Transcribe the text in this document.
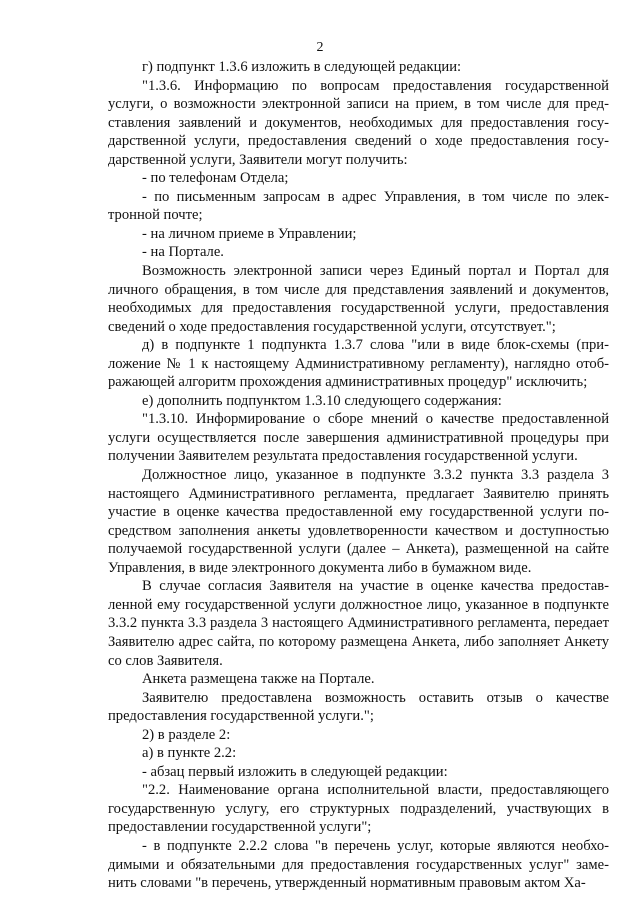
2

г) подпункт 1.3.6 изложить в следующей редакции:

"1.3.6. Информацию по вопросам предоставления государственной услуги, о возможности электронной записи на прием, в том числе для представления заявлений и документов, необходимых для предоставления государственной услуги, предоставления сведений о ходе предоставления государственной услуги, Заявители могут получить:

- по телефонам Отдела;

- по письменным запросам в адрес Управления, в том числе по электронной почте;

- на личном приеме в Управлении;

- на Портале.

Возможность электронной записи через Единый портал и Портал для личного обращения, в том числе для представления заявлений и документов, необходимых для предоставления государственной услуги, предоставления сведений о ходе предоставления государственной услуги, отсутствует.";

д) в подпункте 1 подпункта 1.3.7 слова "или в виде блок-схемы (приложение № 1 к настоящему Административному регламенту), наглядно отображающей алгоритм прохождения административных процедур" исключить;

е) дополнить подпунктом 1.3.10 следующего содержания:

"1.3.10. Информирование о сборе мнений о качестве предоставленной услуги осуществляется после завершения административной процедуры при получении Заявителем результата предоставления государственной услуги.

Должностное лицо, указанное в подпункте 3.3.2 пункта 3.3 раздела 3 настоящего Административного регламента, предлагает Заявителю принять участие в оценке качества предоставленной ему государственной услуги посредством заполнения анкеты удовлетворенности качеством и доступностью получаемой государственной услуги (далее – Анкета), размещенной на сайте Управления, в виде электронного документа либо в бумажном виде.

В случае согласия Заявителя на участие в оценке качества предоставленной ему государственной услуги должностное лицо, указанное в подпункте 3.3.2 пункта 3.3 раздела 3 настоящего Административного регламента, передает Заявителю адрес сайта, по которому размещена Анкета, либо заполняет Анкету со слов Заявителя.

Анкета размещена также на Портале.

Заявителю предоставлена возможность оставить отзыв о качестве предоставления государственной услуги.";

2) в разделе 2:

а) в пункте 2.2:

- абзац первый изложить в следующей редакции:

"2.2. Наименование органа исполнительной власти, предоставляющего государственную услугу, его структурных подразделений, участвующих в предоставлении государственной услуги";

- в подпункте 2.2.2 слова "в перечень услуг, которые являются необходимыми и обязательными для предоставления государственных услуг" заменить словами "в перечень, утвержденный нормативным правовым актом Ха-
